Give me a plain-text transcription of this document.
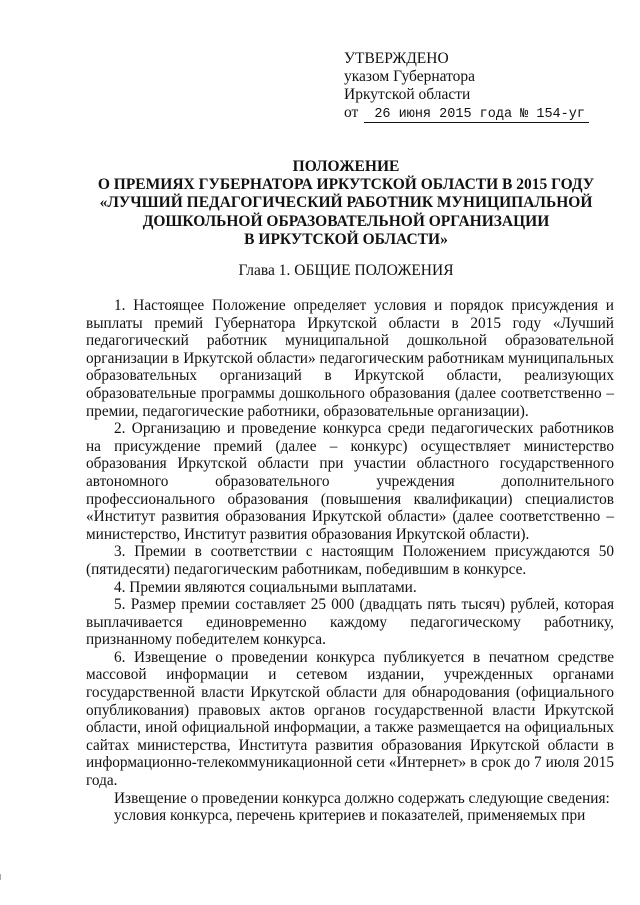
УТВЕРЖДЕНО
указом Губернатора
Иркутской области
от 26 июня 2015 года № 154-уг
ПОЛОЖЕНИЕ
О ПРЕМИЯХ ГУБЕРНАТОРА ИРКУТСКОЙ ОБЛАСТИ В 2015 ГОДУ
«ЛУЧШИЙ ПЕДАГОГИЧЕСКИЙ РАБОТНИК МУНИЦИПАЛЬНОЙ
ДОШКОЛЬНОЙ ОБРАЗОВАТЕЛЬНОЙ ОРГАНИЗАЦИИ
В ИРКУТСКОЙ ОБЛАСТИ»
Глава 1. ОБЩИЕ ПОЛОЖЕНИЯ

1. Настоящее Положение определяет условия и порядок присуждения и выплаты премий Губернатора Иркутской области в 2015 году «Лучший педагогический работник муниципальной дошкольной образовательной организации в Иркутской области» педагогическим работникам муниципальных образовательных организаций в Иркутской области, реализующих образовательные программы дошкольного образования (далее соответственно – премии, педагогические работники, образовательные организации).

2. Организацию и проведение конкурса среди педагогических работников на присуждение премий (далее – конкурс) осуществляет министерство образования Иркутской области при участии областного государственного автономного образовательного учреждения дополнительного профессионального образования (повышения квалификации) специалистов «Институт развития образования Иркутской области» (далее соответственно – министерство, Институт развития образования Иркутской области).

3. Премии в соответствии с настоящим Положением присуждаются 50 (пятидесяти) педагогическим работникам, победившим в конкурсе.

4. Премии являются социальными выплатами.

5. Размер премии составляет 25 000 (двадцать пять тысяч) рублей, которая выплачивается единовременно каждому педагогическому работнику, признанному победителем конкурса.

6. Извещение о проведении конкурса публикуется в печатном средстве массовой информации и сетевом издании, учрежденных органами государственной власти Иркутской области для обнародования (официального опубликования) правовых актов органов государственной власти Иркутской области, иной официальной информации, а также размещается на официальных сайтах министерства, Института развития образования Иркутской области в информационно-телекоммуникационной сети «Интернет» в срок до 7 июля 2015 года.

Извещение о проведении конкурса должно содержать следующие сведения:

условия конкурса, перечень критериев и показателей, применяемых при
